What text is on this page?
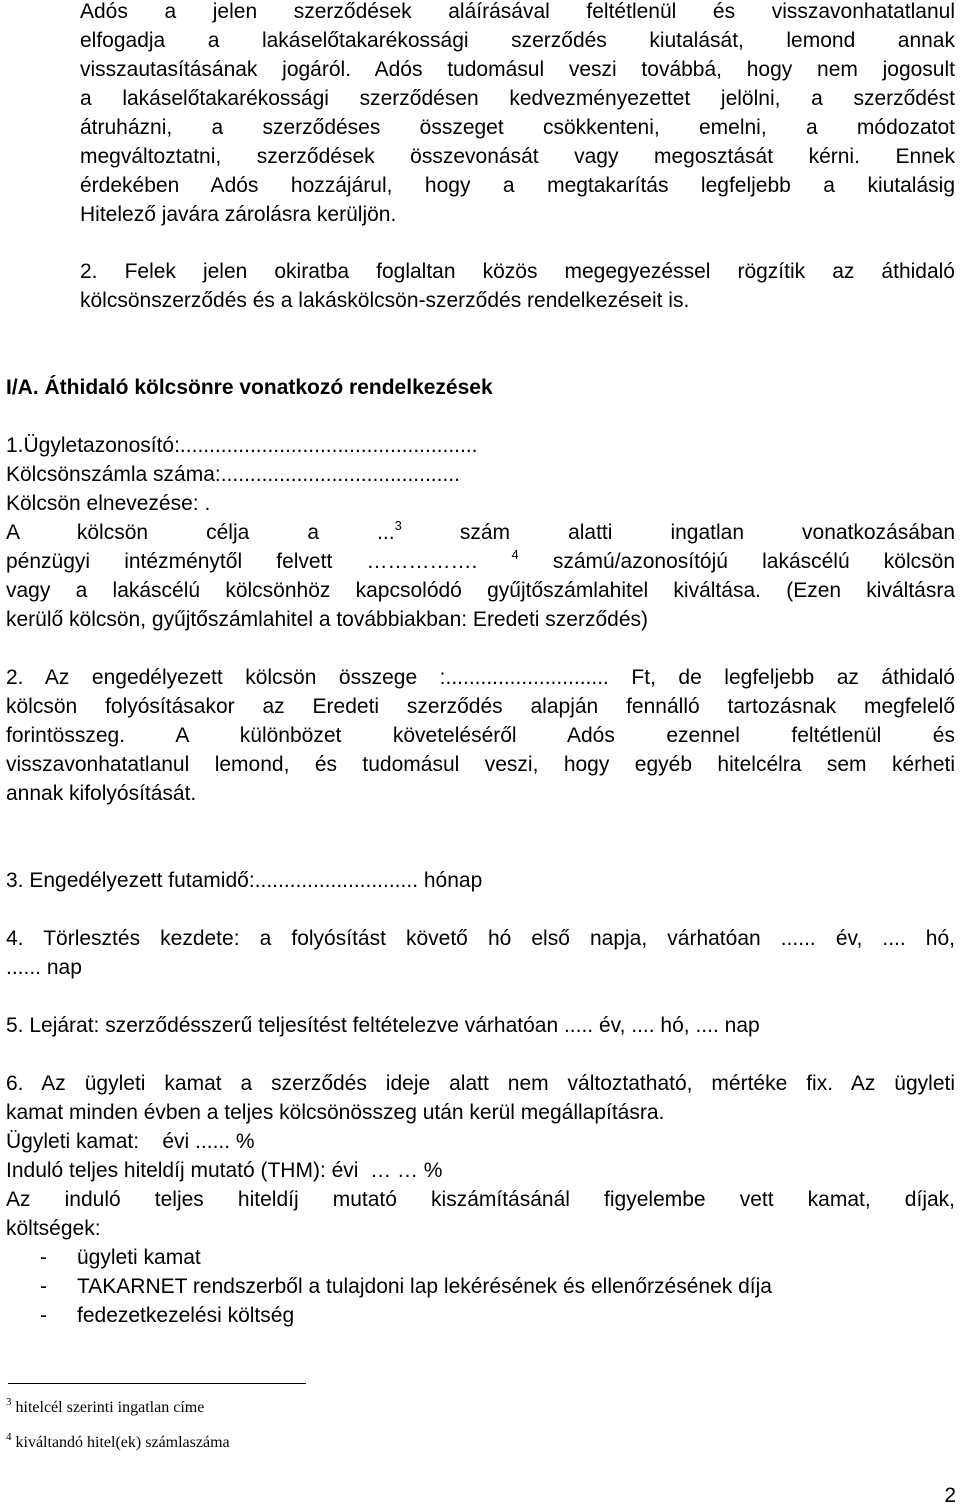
Adós a jelen szerződések aláírásával feltétlenül és visszavonhatatlanul
elfogadja a lakáselőtakarékossági szerződés kiutalását, lemond annak
visszautasításának jogáról. Adós tudomásul veszi továbbá, hogy nem jogosult
a lakáselőtakarékossági szerződésen kedvezményezettet jelölni, a szerződést
átruházni, a szerződéses összeget csökkenteni, emelni, a módozatot
megváltoztatni, szerződések összevonását vagy megosztását kérni. Ennek
érdekében Adós hozzájárul, hogy a megtakarítás legfeljebb a kiutalásig
Hitelező javára zárolásra kerüljön.
2. Felek jelen okiratba foglaltan közös megegyezéssel rögzítik az áthidaló
kölcsönszerződés és a lakáskölcsön-szerződés rendelkezéseit is.
I/A. Áthidaló kölcsönre vonatkozó rendelkezések
1.Ügyletazonosító:...................................................
Kölcsönszámla száma:.........................................
Kölcsön elnevezése: .
A kölcsön célja a	...$^3$	szám alatti ingatlan vonatkozásában
pénzügyi intézménytől felvett ……………. $^4$ számú/azonosítójú lakáscélú kölcsön
vagy a lakáscélú kölcsönhöz kapcsolódó gyűjtőszámlahitel kiváltása. (Ezen kiváltásra
kerülő kölcsön, gyűjtőszámlahitel a továbbiakban: Eredeti szerződés)
2. Az engedélyezett kölcsön összege :............................ Ft, de legfeljebb az áthidaló
kölcsön folyósításakor az Eredeti szerződés alapján fennálló tartozásnak megfelelő
forintösszeg. A különbözet követeléséről Adós ezennel feltétlenül és
visszavonhatatlanul lemond, és tudomásul veszi, hogy egyéb hitelcélra sem kérheti
annak kifolyósítását.
3. Engedélyezett futamidő:............................ hónap
4. Törlesztés kezdete: a folyósítást követő hó első napja, várhatóan ...... év, .... hó,
...... nap
5. Lejárat: szerződésszerű teljesítést feltételezve várhatóan ..... év, .... hó, .... nap
6. Az ügyleti kamat a szerződés ideje alatt nem változtatható, mértéke fix. Az ügyleti
kamat minden évben a teljes kölcsönösszeg után kerül megállapításra.
Ügyleti kamat:    évi ...... %
Induló teljes hiteldíj mutató (THM): évi  … … %
Az induló teljes hiteldíj mutató kiszámításánál figyelembe vett kamat, díjak,
költségek:
- ügyleti kamat
- TAKARNET rendszerből a tulajdoni lap lekérésének és ellenőrzésének díja
- fedezetkezelési költség
$^3$ hitelcél szerinti ingatlan címe
$^4$ kiváltandó hitel(ek) számlaszáma
2
